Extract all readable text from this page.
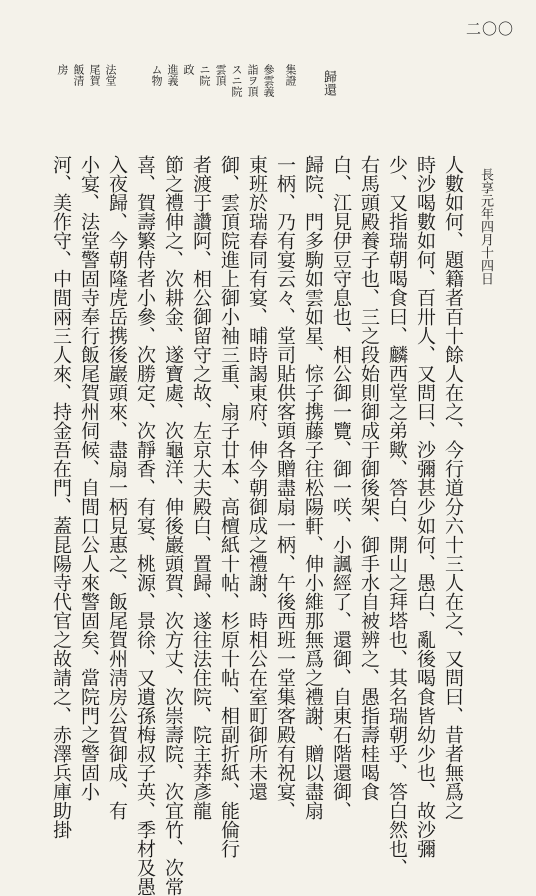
二〇〇
長享元年四月十四日
歸還
集證
參雲義
詣ヲ頂
スニ院
雲頂
ニ院
政
進義
ム物
法堂
尾賀
飯清
房
人數如何、題籍者百十餘人在之、今行道分六十三人在之、又問曰、昔者無爲之
時沙喝數如何、百卅人、又問曰、沙彌甚少如何、愚白、亂後喝食皆幼少也、故沙彌
少、又指瑞朝喝食曰、麟西堂之弟歟、答白、開山之拜塔也、其名瑞朝乎、答白然也、
右馬頭殿養子也、三之段始則御成于御後架、御手水自被辨之、愚指壽桂喝食
白、江見伊豆守息也、相公御一覽、御一咲、小諷經了、還御、自東石階還御、
歸院、門多駒如雲如星、悰子携藤子往松陽軒、伸小維那無爲之禮謝、贈以盡扇
一柄、乃有宴云々、堂司貼供客頭各贈盡扇一柄、午後西班一堂集客殿有祝宴、
東班於瑞春同有宴、晡時謁東府、伸今朝御成之禮謝、時相公在室町御所未還
御、雲頂院進上御小袖三重、扇子廿本、高檀紙十帖、杉原十帖、相副折紙、能倫行
者渡于讚阿、相公御留守之故、左京大夫殿白、置歸、遂往法住院、院主莽彥龍
節之禮伸之、次耕金、遂寶處、次龜洋、伸後巖頭賀、次方丈、次崇壽院、次宜竹、次常
喜、賀壽繁侍者小參、次勝定、次靜香、有宴、桃源、景徐、又遺孫梅叔子英、季材及愚
入夜歸、今朝隆虎岳携後巖頭來、盡扇一柄見惠之、飯尾賀州淸房公賀御成、有
小宴、法堂警固寺奉行飯尾賀州伺候、自間口公人來警固矣、當院門之警固小
河、美作守、中間兩三人來、持金吾在門、蓋昆陽寺代官之故請之、赤澤兵庫助掛
